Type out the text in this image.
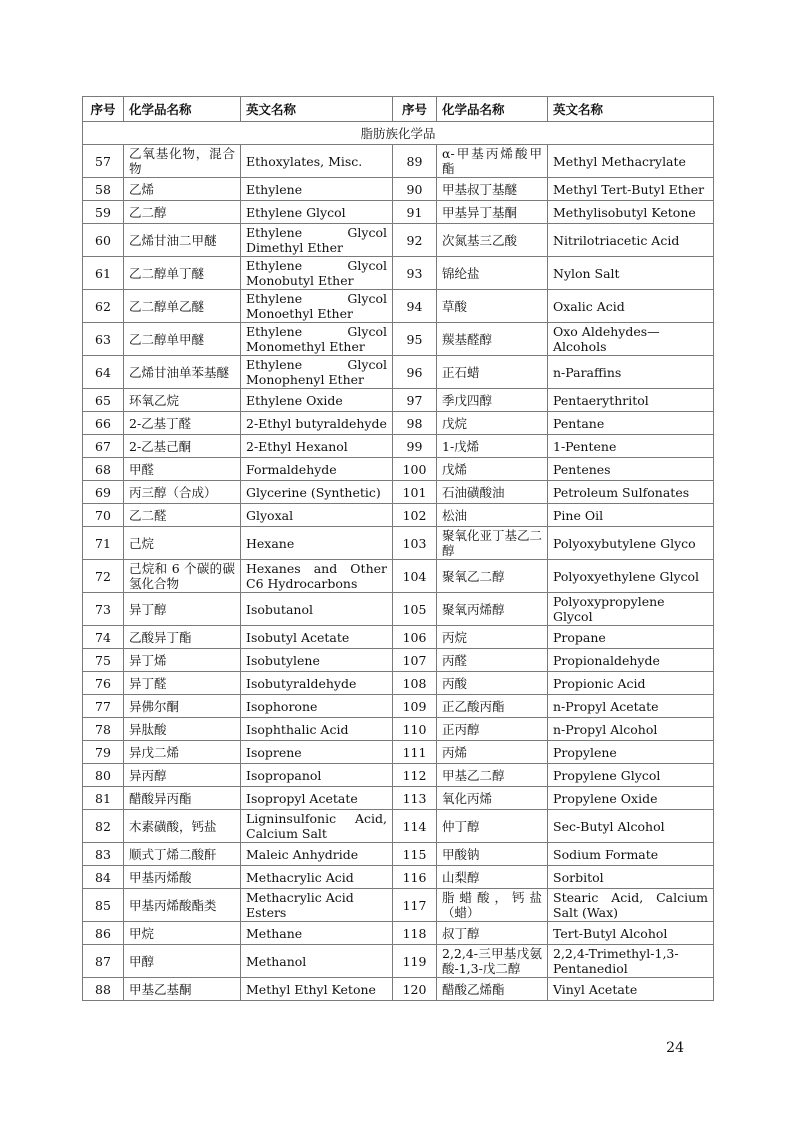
序号	化学品名称	英文名称	序号	化学品名称	英文名称
脂肪族化学品					
57	乙氧基化物，混合物	Ethoxylates, Misc.	89	α-甲基丙烯酸甲酯	Methyl Methacrylate
58	乙烯	Ethylene	90	甲基叔丁基醚	Methyl Tert-Butyl Ether
59	乙二醇	Ethylene Glycol	91	甲基异丁基酮	Methylisobutyl Ketone
60	乙烯甘油二甲醚	Ethylene Glycol Dimethyl Ether	92	次氮基三乙酸	Nitrilotriacetic Acid
61	乙二醇单丁醚	Ethylene Glycol Monobutyl Ether	93	锦纶盐	Nylon Salt
62	乙二醇单乙醚	Ethylene Glycol Monoethyl Ether	94	草酸	Oxalic Acid
63	乙二醇单甲醚	Ethylene Glycol Monomethyl Ether	95	羰基醛醇	Oxo Aldehydes—Alcohols
64	乙烯甘油单苯基醚	Ethylene Glycol Monophenyl Ether	96	正石蜡	n-Paraffins
65	环氧乙烷	Ethylene Oxide	97	季戊四醇	Pentaerythritol
66	2-乙基丁醛	2-Ethyl butyraldehyde	98	戊烷	Pentane
67	2-乙基己酮	2-Ethyl Hexanol	99	1-戊烯	1-Pentene
68	甲醛	Formaldehyde	100	戊烯	Pentenes
69	丙三醇（合成）	Glycerine (Synthetic)	101	石油磺酸油	Petroleum Sulfonates
70	乙二醛	Glyoxal	102	松油	Pine Oil
71	己烷	Hexane	103	聚氧化亚丁基乙二醇	Polyoxybutylene Glyco
72	己烷和 6 个碳的碳氢化合物	Hexanes and Other C6 Hydrocarbons	104	聚氧乙二醇	Polyoxyethylene Glycol
73	异丁醇	Isobutanol	105	聚氧丙烯醇	Polyoxypropylene Glycol
74	乙酸异丁酯	Isobutyl Acetate	106	丙烷	Propane
75	异丁烯	Isobutylene	107	丙醛	Propionaldehyde
76	异丁醛	Isobutyraldehyde	108	丙酸	Propionic Acid
77	异佛尔酮	Isophorone	109	正乙酸丙酯	n-Propyl Acetate
78	异肽酸	Isophthalic Acid	110	正丙醇	n-Propyl Alcohol
79	异戊二烯	Isoprene	111	丙烯	Propylene
80	异丙醇	Isopropanol	112	甲基乙二醇	Propylene Glycol
81	醋酸异丙酯	Isopropyl Acetate	113	氧化丙烯	Propylene Oxide
82	木素磺酸，钙盐	Ligninsulfonic Acid, Calcium Salt	114	仲丁醇	Sec-Butyl Alcohol
83	顺式丁烯二酸酐	Maleic Anhydride	115	甲酸钠	Sodium Formate
84	甲基丙烯酸	Methacrylic Acid	116	山梨醇	Sorbitol
85	甲基丙烯酸酯类	Methacrylic Acid Esters	117	脂蜡酸，钙盐（蜡）	Stearic Acid, Calcium Salt (Wax)
86	甲烷	Methane	118	叔丁醇	Tert-Butyl Alcohol
87	甲醇	Methanol	119	2,2,4-三甲基戊氨酸-1,3-戊二醇	2,2,4-Trimethyl-1,3-Pentanediol
88	甲基乙基酮	Methyl Ethyl Ketone	120	醋酸乙烯酯	Vinyl Acetate
24
